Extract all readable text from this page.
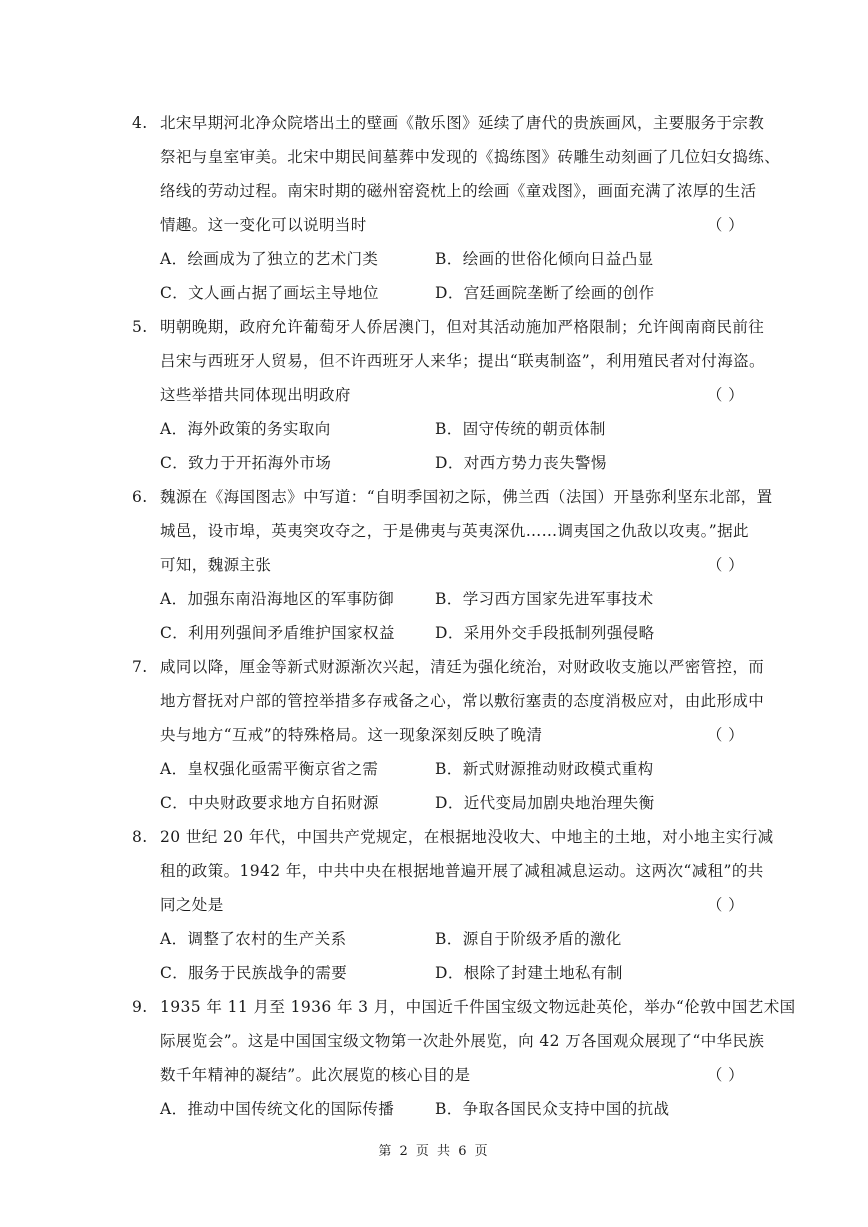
4. 北宋早期河北净众院塔出土的壁画《散乐图》延续了唐代的贵族画风，主要服务于宗教
祭祀与皇室审美。北宋中期民间墓葬中发现的《捣练图》砖雕生动刻画了几位妇女捣练、
络线的劳动过程。南宋时期的磁州窑瓷枕上的绘画《童戏图》，画面充满了浓厚的生活
情趣。这一变化可以说明当时	（ ）
A．绘画成为了独立的艺术门类	B．绘画的世俗化倾向日益凸显
C．文人画占据了画坛主导地位	D．宫廷画院垄断了绘画的创作
5. 明朝晚期，政府允许葡萄牙人侨居澳门，但对其活动施加严格限制；允许闽南商民前往
吕宋与西班牙人贸易，但不许西班牙人来华；提出“联夷制盗”，利用殖民者对付海盗。
这些举措共同体现出明政府	（ ）
A．海外政策的务实取向	B．固守传统的朝贡体制
C．致力于开拓海外市场	D．对西方势力丧失警惕
6. 魏源在《海国图志》中写道：“自明季国初之际，佛兰西（法国）开垦弥利坚东北部，置
城邑，设市埠，英夷突攻夺之，于是佛夷与英夷深仇……调夷国之仇敌以攻夷。”据此
可知，魏源主张	（ ）
A．加强东南沿海地区的军事防御	B．学习西方国家先进军事技术
C．利用列强间矛盾维护国家权益	D．采用外交手段抵制列强侵略
7. 咸同以降，厘金等新式财源渐次兴起，清廷为强化统治，对财政收支施以严密管控，而
地方督抚对户部的管控举措多存戒备之心，常以敷衍塞责的态度消极应对，由此形成中
央与地方“互戒”的特殊格局。这一现象深刻反映了晚清	（ ）
A．皇权强化亟需平衡京省之需	B．新式财源推动财政模式重构
C．中央财政要求地方自拓财源	D．近代变局加剧央地治理失衡
8. 20 世纪 20 年代，中国共产党规定，在根据地没收大、中地主的土地，对小地主实行减
租的政策。1942 年，中共中央在根据地普遍开展了减租减息运动。这两次“减租”的共
同之处是	（ ）
A．调整了农村的生产关系	B．源自于阶级矛盾的激化
C．服务于民族战争的需要	D．根除了封建土地私有制
9. 1935 年 11 月至 1936 年 3 月，中国近千件国宝级文物远赴英伦，举办“伦敦中国艺术国
际展览会”。这是中国国宝级文物第一次赴外展览，向 42 万各国观众展现了“中华民族
数千年精神的凝结”。此次展览的核心目的是	（ ）
A．推动中国传统文化的国际传播	B．争取各国民众支持中国的抗战
第 2 页 共 6 页
